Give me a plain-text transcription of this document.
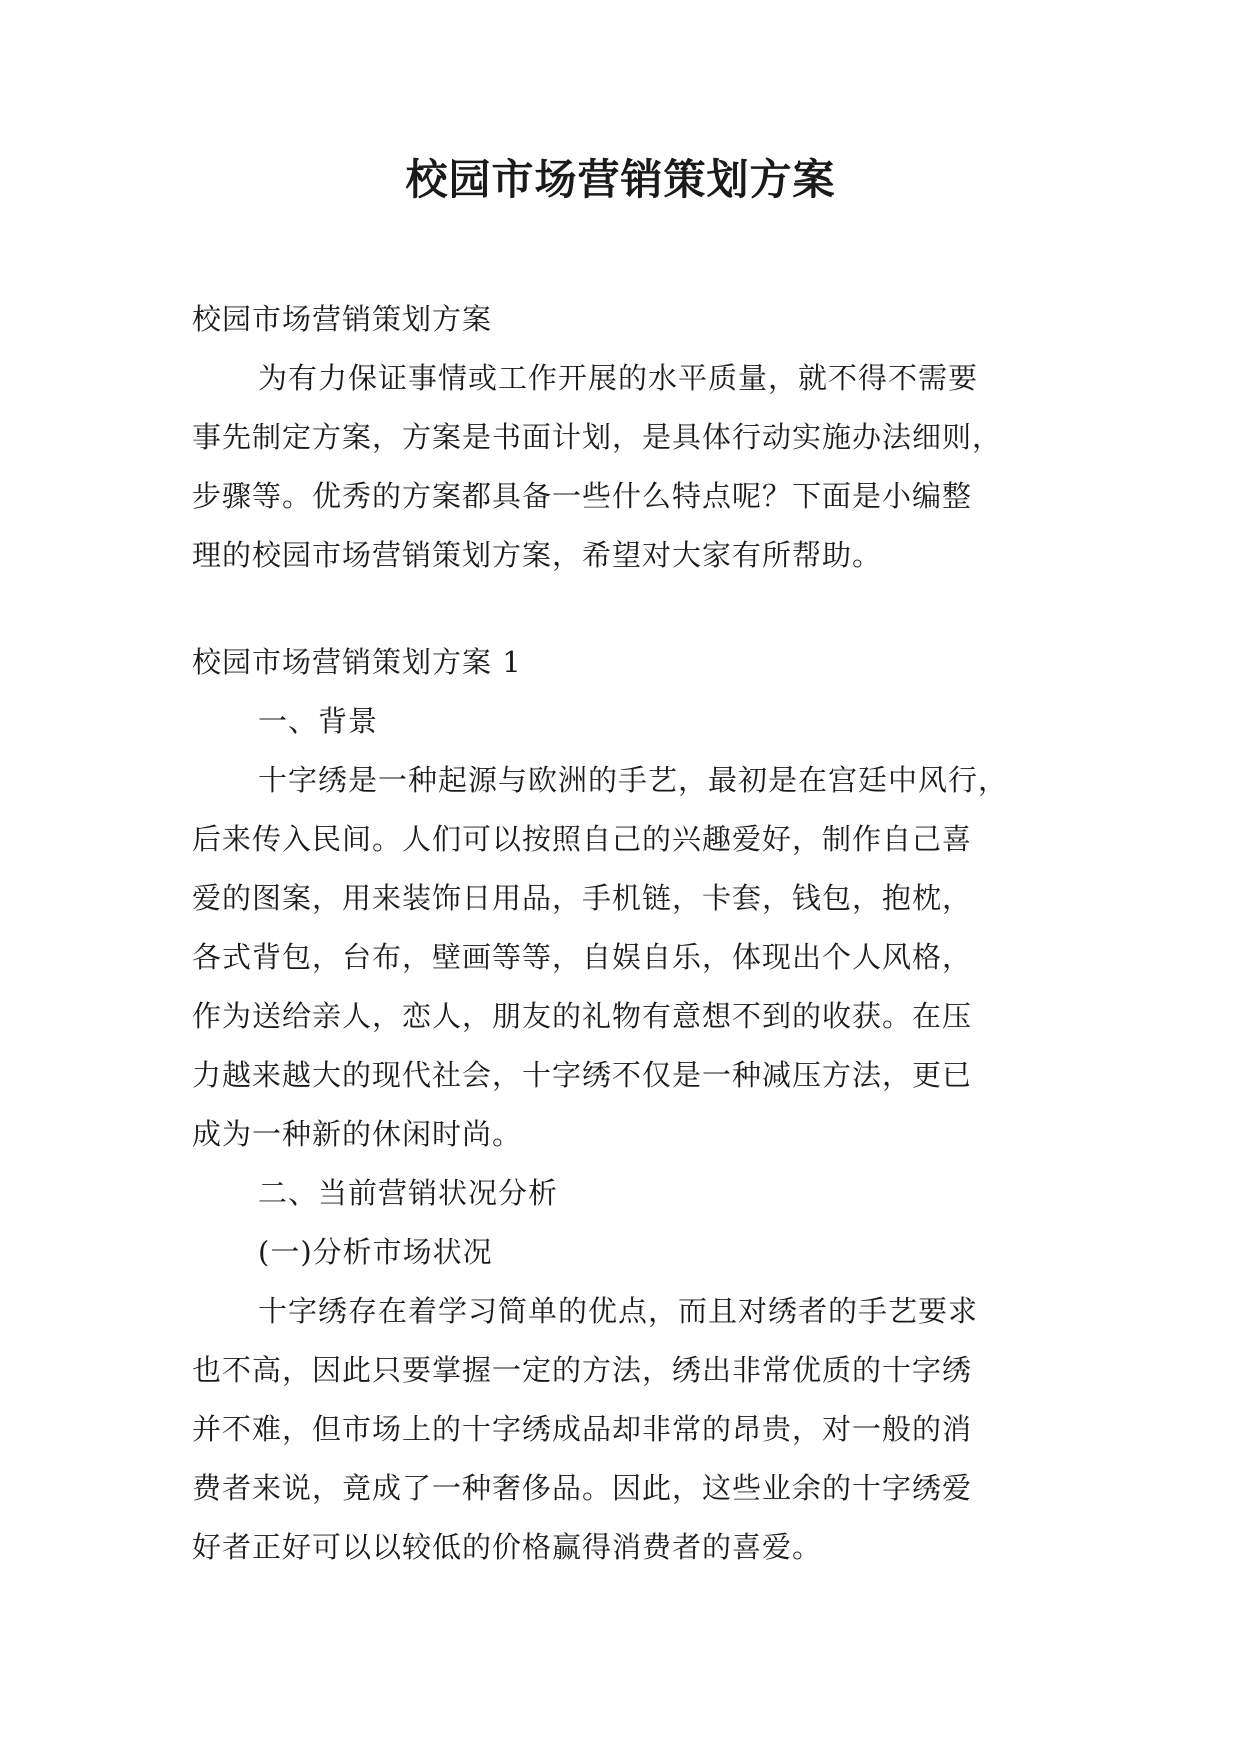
校园市场营销策划方案
校园市场营销策划方案
为有力保证事情或工作开展的水平质量，就不得不需要
事先制定方案，方案是书面计划，是具体行动实施办法细则，
步骤等。优秀的方案都具备一些什么特点呢？下面是小编整
理的校园市场营销策划方案，希望对大家有所帮助。
校园市场营销策划方案 1
一、背景
十字绣是一种起源与欧洲的手艺，最初是在宫廷中风行，
后来传入民间。人们可以按照自己的兴趣爱好，制作自己喜
爱的图案，用来装饰日用品，手机链，卡套，钱包，抱枕，
各式背包，台布，壁画等等，自娱自乐，体现出个人风格，
作为送给亲人，恋人，朋友的礼物有意想不到的收获。在压
力越来越大的现代社会，十字绣不仅是一种减压方法，更已
成为一种新的休闲时尚。
二、当前营销状况分析
(一)分析市场状况
十字绣存在着学习简单的优点，而且对绣者的手艺要求
也不高，因此只要掌握一定的方法，绣出非常优质的十字绣
并不难，但市场上的十字绣成品却非常的昂贵，对一般的消
费者来说，竟成了一种奢侈品。因此，这些业余的十字绣爱
好者正好可以以较低的价格赢得消费者的喜爱。
